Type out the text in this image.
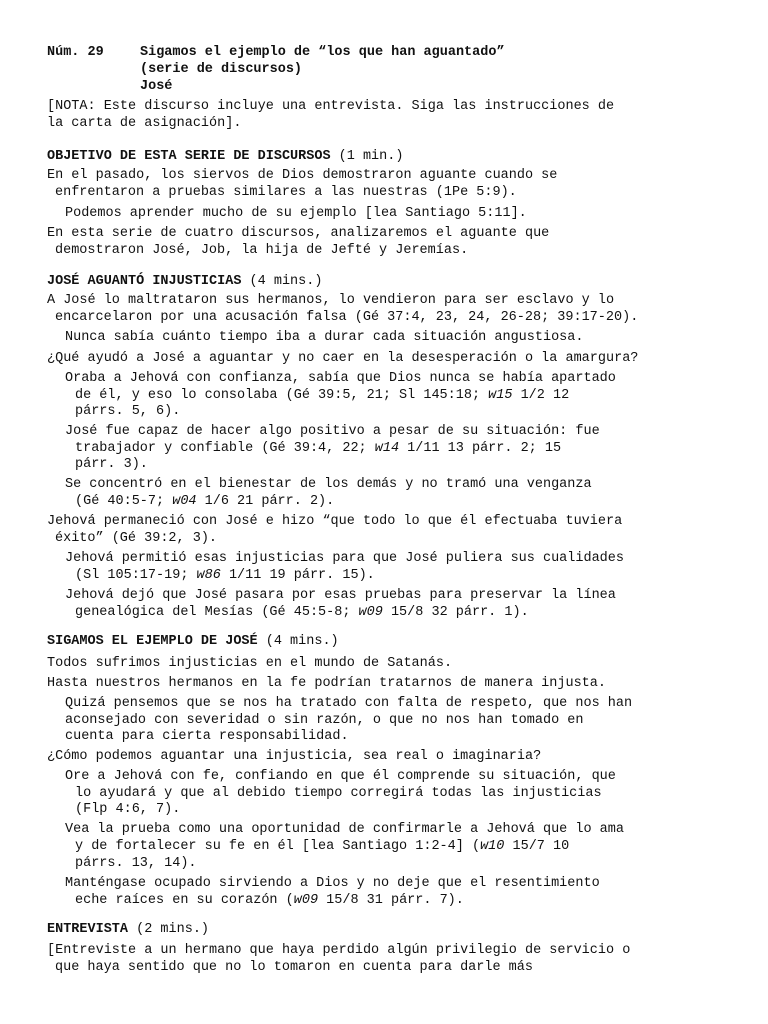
Núm. 29	Sigamos el ejemplo de “los que han aguantado”
(serie de discursos)
José
[NOTA: Este discurso incluye una entrevista. Siga las instrucciones de
la carta de asignación].
OBJETIVO DE ESTA SERIE DE DISCURSOS (1 min.)
En el pasado, los siervos de Dios demostraron aguante cuando se
enfrentaron a pruebas similares a las nuestras (1Pe 5:9).
Podemos aprender mucho de su ejemplo [lea Santiago 5:11].
En esta serie de cuatro discursos, analizaremos el aguante que
demostraron José, Job, la hija de Jefté y Jeremías.
JOSÉ AGUANTÓ INJUSTICIAS (4 mins.)
A José lo maltrataron sus hermanos, lo vendieron para ser esclavo y lo
encarcelaron por una acusación falsa (Gé 37:4, 23, 24, 26-28; 39:17-20).
Nunca sabía cuánto tiempo iba a durar cada situación angustiosa.
¿Qué ayudó a José a aguantar y no caer en la desesperación o la amargura?
Oraba a Jehová con confianza, sabía que Dios nunca se había apartado
de él, y eso lo consolaba (Gé 39:5, 21; Sl 145:18; w15 1/2 12
párrs. 5, 6).
José fue capaz de hacer algo positivo a pesar de su situación: fue
trabajador y confiable (Gé 39:4, 22; w14 1/11 13 párr. 2; 15
párr. 3).
Se concentró en el bienestar de los demás y no tramó una venganza
(Gé 40:5-7; w04 1/6 21 párr. 2).
Jehová permaneció con José e hizo “que todo lo que él efectuaba tuviera
éxito” (Gé 39:2, 3).
Jehová permitió esas injusticias para que José puliera sus cualidades
(Sl 105:17-19; w86 1/11 19 párr. 15).
Jehová dejó que José pasara por esas pruebas para preservar la línea
genealógica del Mesías (Gé 45:5-8; w09 15/8 32 párr. 1).
SIGAMOS EL EJEMPLO DE JOSÉ (4 mins.)
Todos sufrimos injusticias en el mundo de Satanás.
Hasta nuestros hermanos en la fe podrían tratarnos de manera injusta.
Quizá pensemos que se nos ha tratado con falta de respeto, que nos han
aconsejado con severidad o sin razón, o que no nos han tomado en
cuenta para cierta responsabilidad.
¿Cómo podemos aguantar una injusticia, sea real o imaginaria?
Ore a Jehová con fe, confiando en que él comprende su situación, que
lo ayudará y que al debido tiempo corregirá todas las injusticias
(Flp 4:6, 7).
Vea la prueba como una oportunidad de confirmarle a Jehová que lo ama
y de fortalecer su fe en él [lea Santiago 1:2-4] (w10 15/7 10
párrs. 13, 14).
Manténgase ocupado sirviendo a Dios y no deje que el resentimiento
eche raíces en su corazón (w09 15/8 31 párr. 7).
ENTREVISTA (2 mins.)
[Entreviste a un hermano que haya perdido algún privilegio de servicio o
que haya sentido que no lo tomaron en cuenta para darle más
